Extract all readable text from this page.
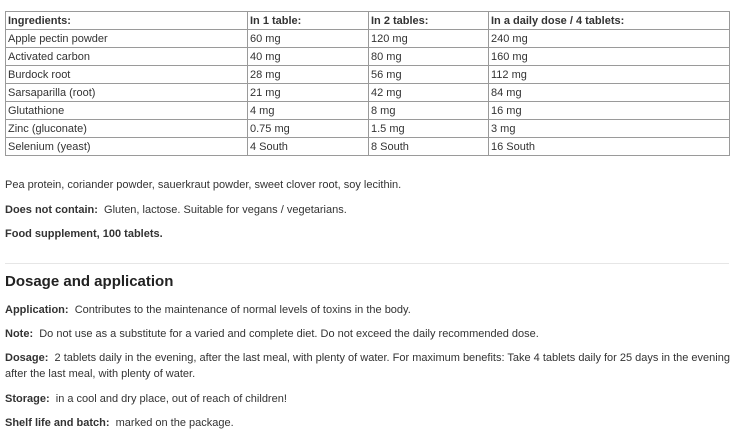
Ingredients:	In 1 table:	In 2 tables:	In a daily dose / 4 tablets:
Apple pectin powder	60 mg	120 mg	240 mg
Activated carbon	40 mg	80 mg	160 mg
Burdock root	28 mg	56 mg	112 mg
Sarsaparilla (root)	21 mg	42 mg	84 mg
Glutathione	4 mg	8 mg	16 mg
Zinc (gluconate)	0.75 mg	1.5 mg	3 mg
Selenium (yeast)	4 South	8 South	16 South
Pea protein, coriander powder, sauerkraut powder, sweet clover root, soy lecithin.
Does not contain: Gluten, lactose. Suitable for vegans / vegetarians.
Food supplement, 100 tablets.
Dosage and application
Application: Contributes to the maintenance of normal levels of toxins in the body.
Note: Do not use as a substitute for a varied and complete diet. Do not exceed the daily recommended dose.
Dosage: 2 tablets daily in the evening, after the last meal, with plenty of water. For maximum benefits: Take 4 tablets daily for 25 days in the evening after the last meal, with plenty of water.
Storage: in a cool and dry place, out of reach of children!
Shelf life and batch: marked on the package.
